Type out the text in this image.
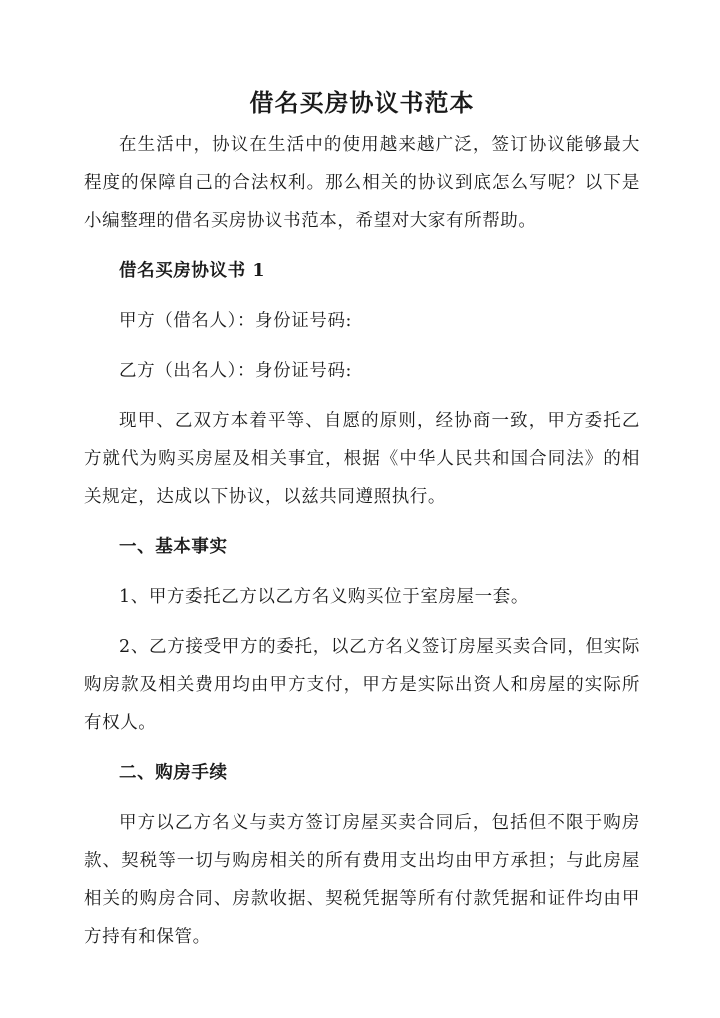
借名买房协议书范本

在生活中，协议在生活中的使用越来越广泛，签订协议能够最大程度的保障自己的合法权利。那么相关的协议到底怎么写呢？以下是小编整理的借名买房协议书范本，希望对大家有所帮助。

借名买房协议书 1

甲方（借名人）：身份证号码:

乙方（出名人）：身份证号码:

现甲、乙双方本着平等、自愿的原则，经协商一致，甲方委托乙方就代为购买房屋及相关事宜，根据《中华人民共和国合同法》的相关规定，达成以下协议，以兹共同遵照执行。

一、基本事实

1、甲方委托乙方以乙方名义购买位于室房屋一套。

2、乙方接受甲方的委托，以乙方名义签订房屋买卖合同，但实际购房款及相关费用均由甲方支付，甲方是实际出资人和房屋的实际所有权人。

二、购房手续

甲方以乙方名义与卖方签订房屋买卖合同后，包括但不限于购房款、契税等一切与购房相关的所有费用支出均由甲方承担；与此房屋相关的购房合同、房款收据、契税凭据等所有付款凭据和证件均由甲方持有和保管。
